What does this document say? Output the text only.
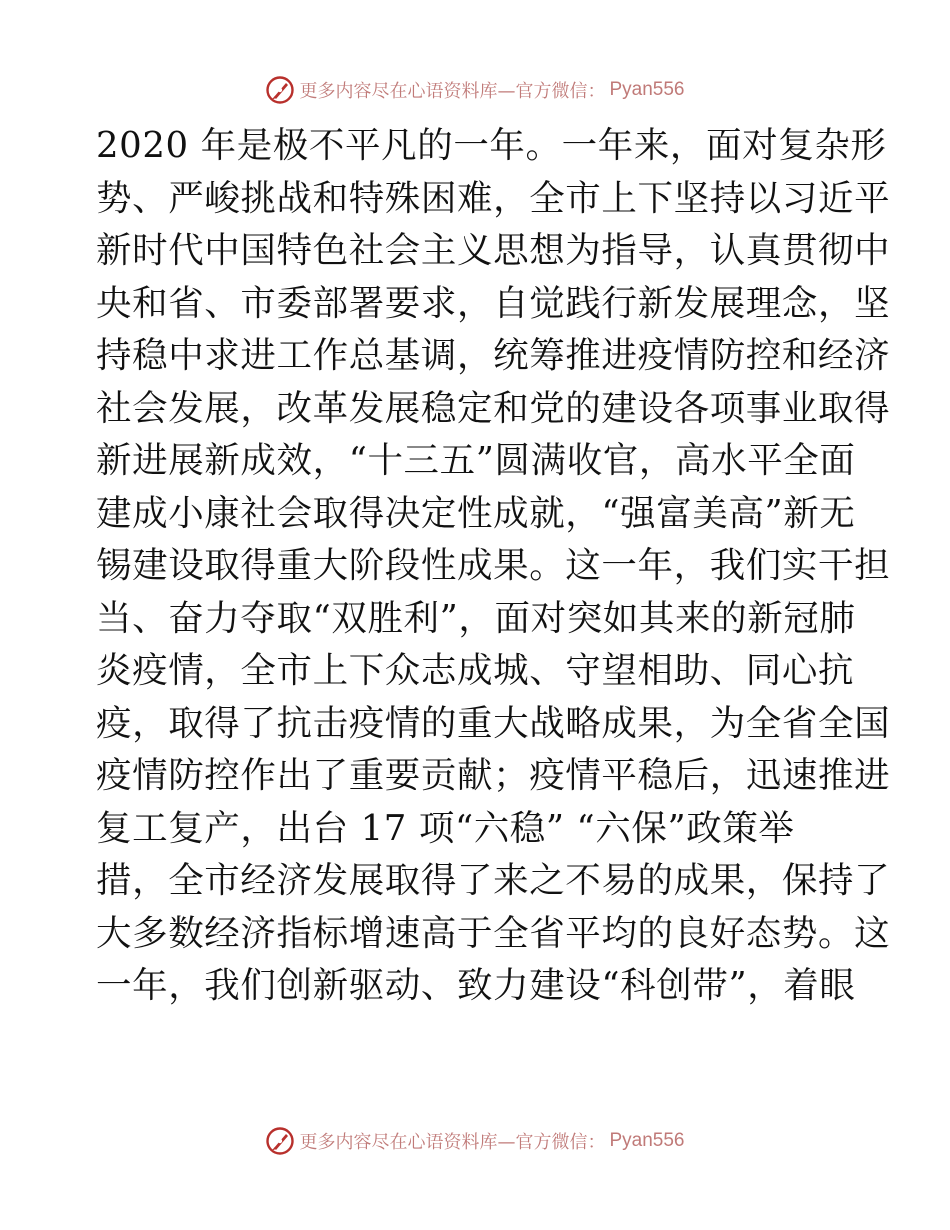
更多内容尽在心语资料库—官方微信： Pyan556
2020 年是极不平凡的一年。一年来，面对复杂形
势、严峻挑战和特殊困难，全市上下坚持以习近平
新时代中国特色社会主义思想为指导，认真贯彻中
央和省、市委部署要求，自觉践行新发展理念，坚
持稳中求进工作总基调，统筹推进疫情防控和经济
社会发展，改革发展稳定和党的建设各项事业取得
新进展新成效，“十三五”圆满收官，高水平全面
建成小康社会取得决定性成就，“强富美高”新无
锡建设取得重大阶段性成果。这一年，我们实干担
当、奋力夺取“双胜利”，面对突如其来的新冠肺
炎疫情，全市上下众志成城、守望相助、同心抗
疫，取得了抗击疫情的重大战略成果，为全省全国
疫情防控作出了重要贡献；疫情平稳后，迅速推进
复工复产，出台 17 项“六稳” “六保”政策举
措，全市经济发展取得了来之不易的成果，保持了
大多数经济指标增速高于全省平均的良好态势。这
一年，我们创新驱动、致力建设“科创带”，着眼
更多内容尽在心语资料库—官方微信： Pyan556
